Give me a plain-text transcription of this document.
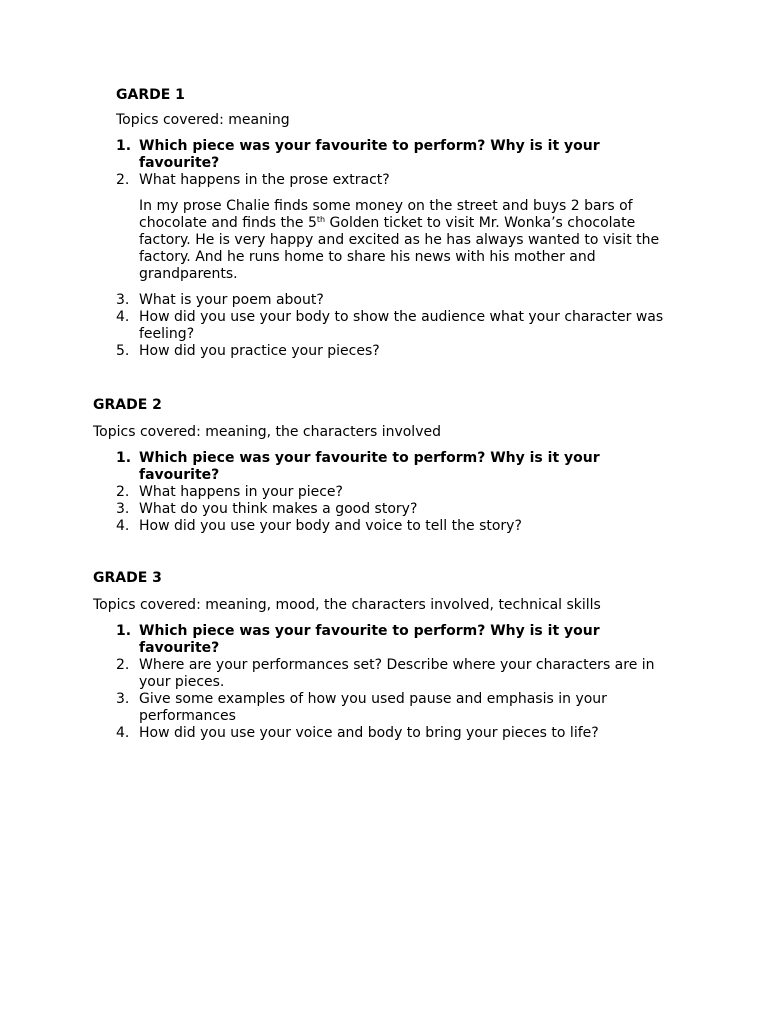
GARDE 1

Topics covered: meaning

1. Which piece was your favourite to perform? Why is it your favourite?
2. What happens in the prose extract?

In my prose Chalie finds some money on the street and buys 2 bars of chocolate and finds the 5th Golden ticket to visit Mr. Wonka’s chocolate factory. He is very happy and excited as he has always wanted to visit the factory. And he runs home to share his news with his mother and grandparents.

3. What is your poem about?
4. How did you use your body to show the audience what your character was feeling?
5. How did you practice your pieces?

GRADE 2

Topics covered: meaning, the characters involved

1. Which piece was your favourite to perform? Why is it your favourite?
2. What happens in your piece?
3. What do you think makes a good story?
4. How did you use your body and voice to tell the story?

GRADE 3

Topics covered: meaning, mood, the characters involved, technical skills

1. Which piece was your favourite to perform? Why is it your favourite?
2. Where are your performances set? Describe where your characters are in your pieces.
3. Give some examples of how you used pause and emphasis in your performances
4. How did you use your voice and body to bring your pieces to life?
